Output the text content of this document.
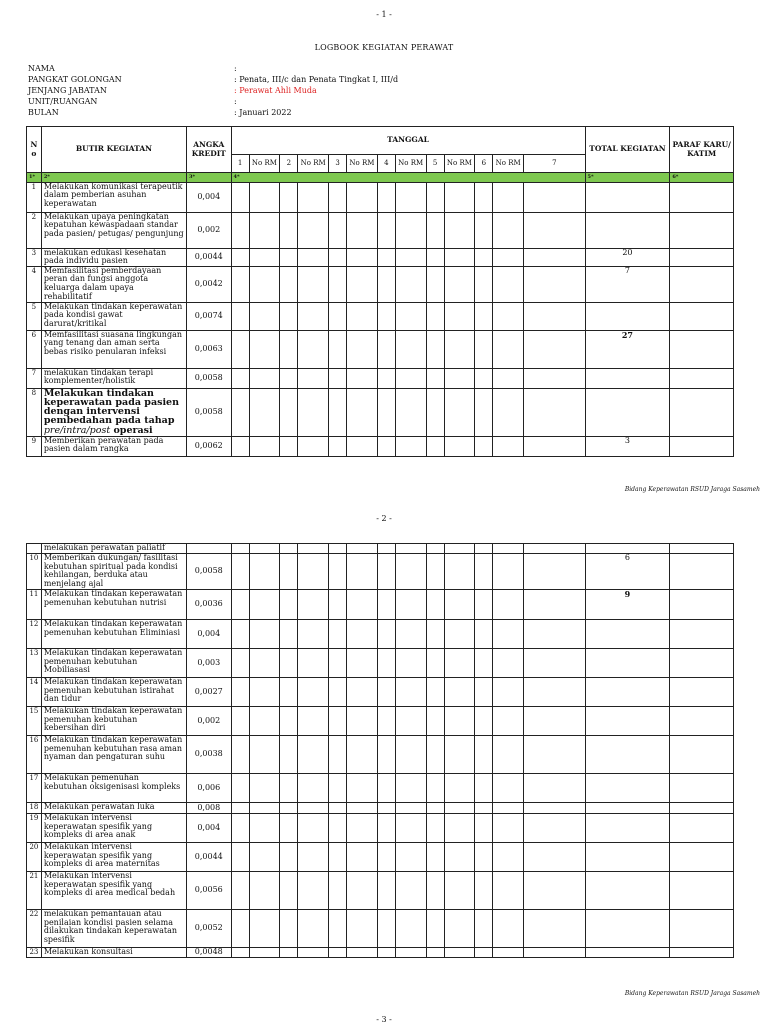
- 1 -
LOGBOOK KEGIATAN PERAWAT
NAMA	:
PANGKAT GOLONGAN	: Penata, III/c dan Penata Tingkat I, III/d
JENJANG JABATAN	: Perawat Ahli Muda
UNIT/RUANGAN	:
BULAN	: Januari 2022
N o	BUTIR KEGIATAN	ANGKA KREDIT	TANGGAL													TOTAL KEGIATAN	PARAF KARU/ KATIM
			1	No RM	2	No RM	3	No RM	4	No RM	5	No RM	6	No RM	7		
1*	2*	3*	4*													5*	6*
1	Melakukan komunikasi terapeutik dalam pemberian asuhan keperawatan	0,004															
2	Melakukan upaya peningkatan kepatuhan kewaspadaan standar pada pasien/ petugas/ pengunjung	0,002															
3	melakukan edukasi kesehatan pada individu pasien	0,0044														20	
4	Memfasilitasi pemberdayaan peran dan fungsi anggota keluarga dalam upaya rehabilitatif	0,0042														7	
5	Melakukan tindakan keperawatan pada kondisi gawat darurat/kritikal	0,0074															
6	Memfasilitasi suasana lingkungan yang tenang dan aman serta bebas risiko penularan infeksi	0,0063														27	
7	melakukan tindakan terapi komplementer/holistik	0,0058															
8	Melakukan tindakan keperawatan pada pasien dengan intervensi pembedahan pada tahap pre/intra/post operasi	0,0058															
9	Memberikan perawatan pada pasien dalam rangka	0,0062														3	
Bidang Keperawatan RSUD Jaraga Sasameh
- 2 -
	melakukan perawatan paliatif																
10	Memberikan dukungan/ fasilitasi kebutuhan spiritual pada kondisi kehilangan, berduka atau menjelang ajal	0,0058														6	
11	Melakukan tindakan keperawatan pemenuhan kebutuhan nutrisi	0,0036														9	
12	Melakukan tindakan keperawatan pemenuhan kebutuhan Eliminiasi	0,004															
13	Melakukan tindakan keperawatan pemenuhan kebutuhan Mobiliasasi	0,003															
14	Melakukan tindakan keperawatan pemenuhan kebutuhan istirahat dan tidur	0,0027															
15	Melakukan tindakan keperawatan pemenuhan kebutuhan kebersihan diri	0,002															
16	Melakukan tindakan keperawatan pemenuhan kebutuhan rasa aman nyaman dan pengaturan suhu	0,0038															
17	Melakukan pemenuhan kebutuhan oksigenisasi kompleks	0,006															
18	Melakukan perawatan luka	0,008															
19	Melakukan intervensi keperawatan spesifik yang kompleks di area anak	0,004															
20	Melakukan intervensi keperawatan spesifik yang kompleks di area maternitas	0,0044															
21	Melakukan intervensi keperawatan spesifik yang kompleks di area medical bedah	0,0056															
22	melakukan pemantauan atau penilaian kondisi pasien selama dilakukan tindakan keperawatan spesifik	0,0052															
23	Melakukan konsultasi	0,0048															
Bidang Keperawatan RSUD Jaraga Sasameh
- 3 -
